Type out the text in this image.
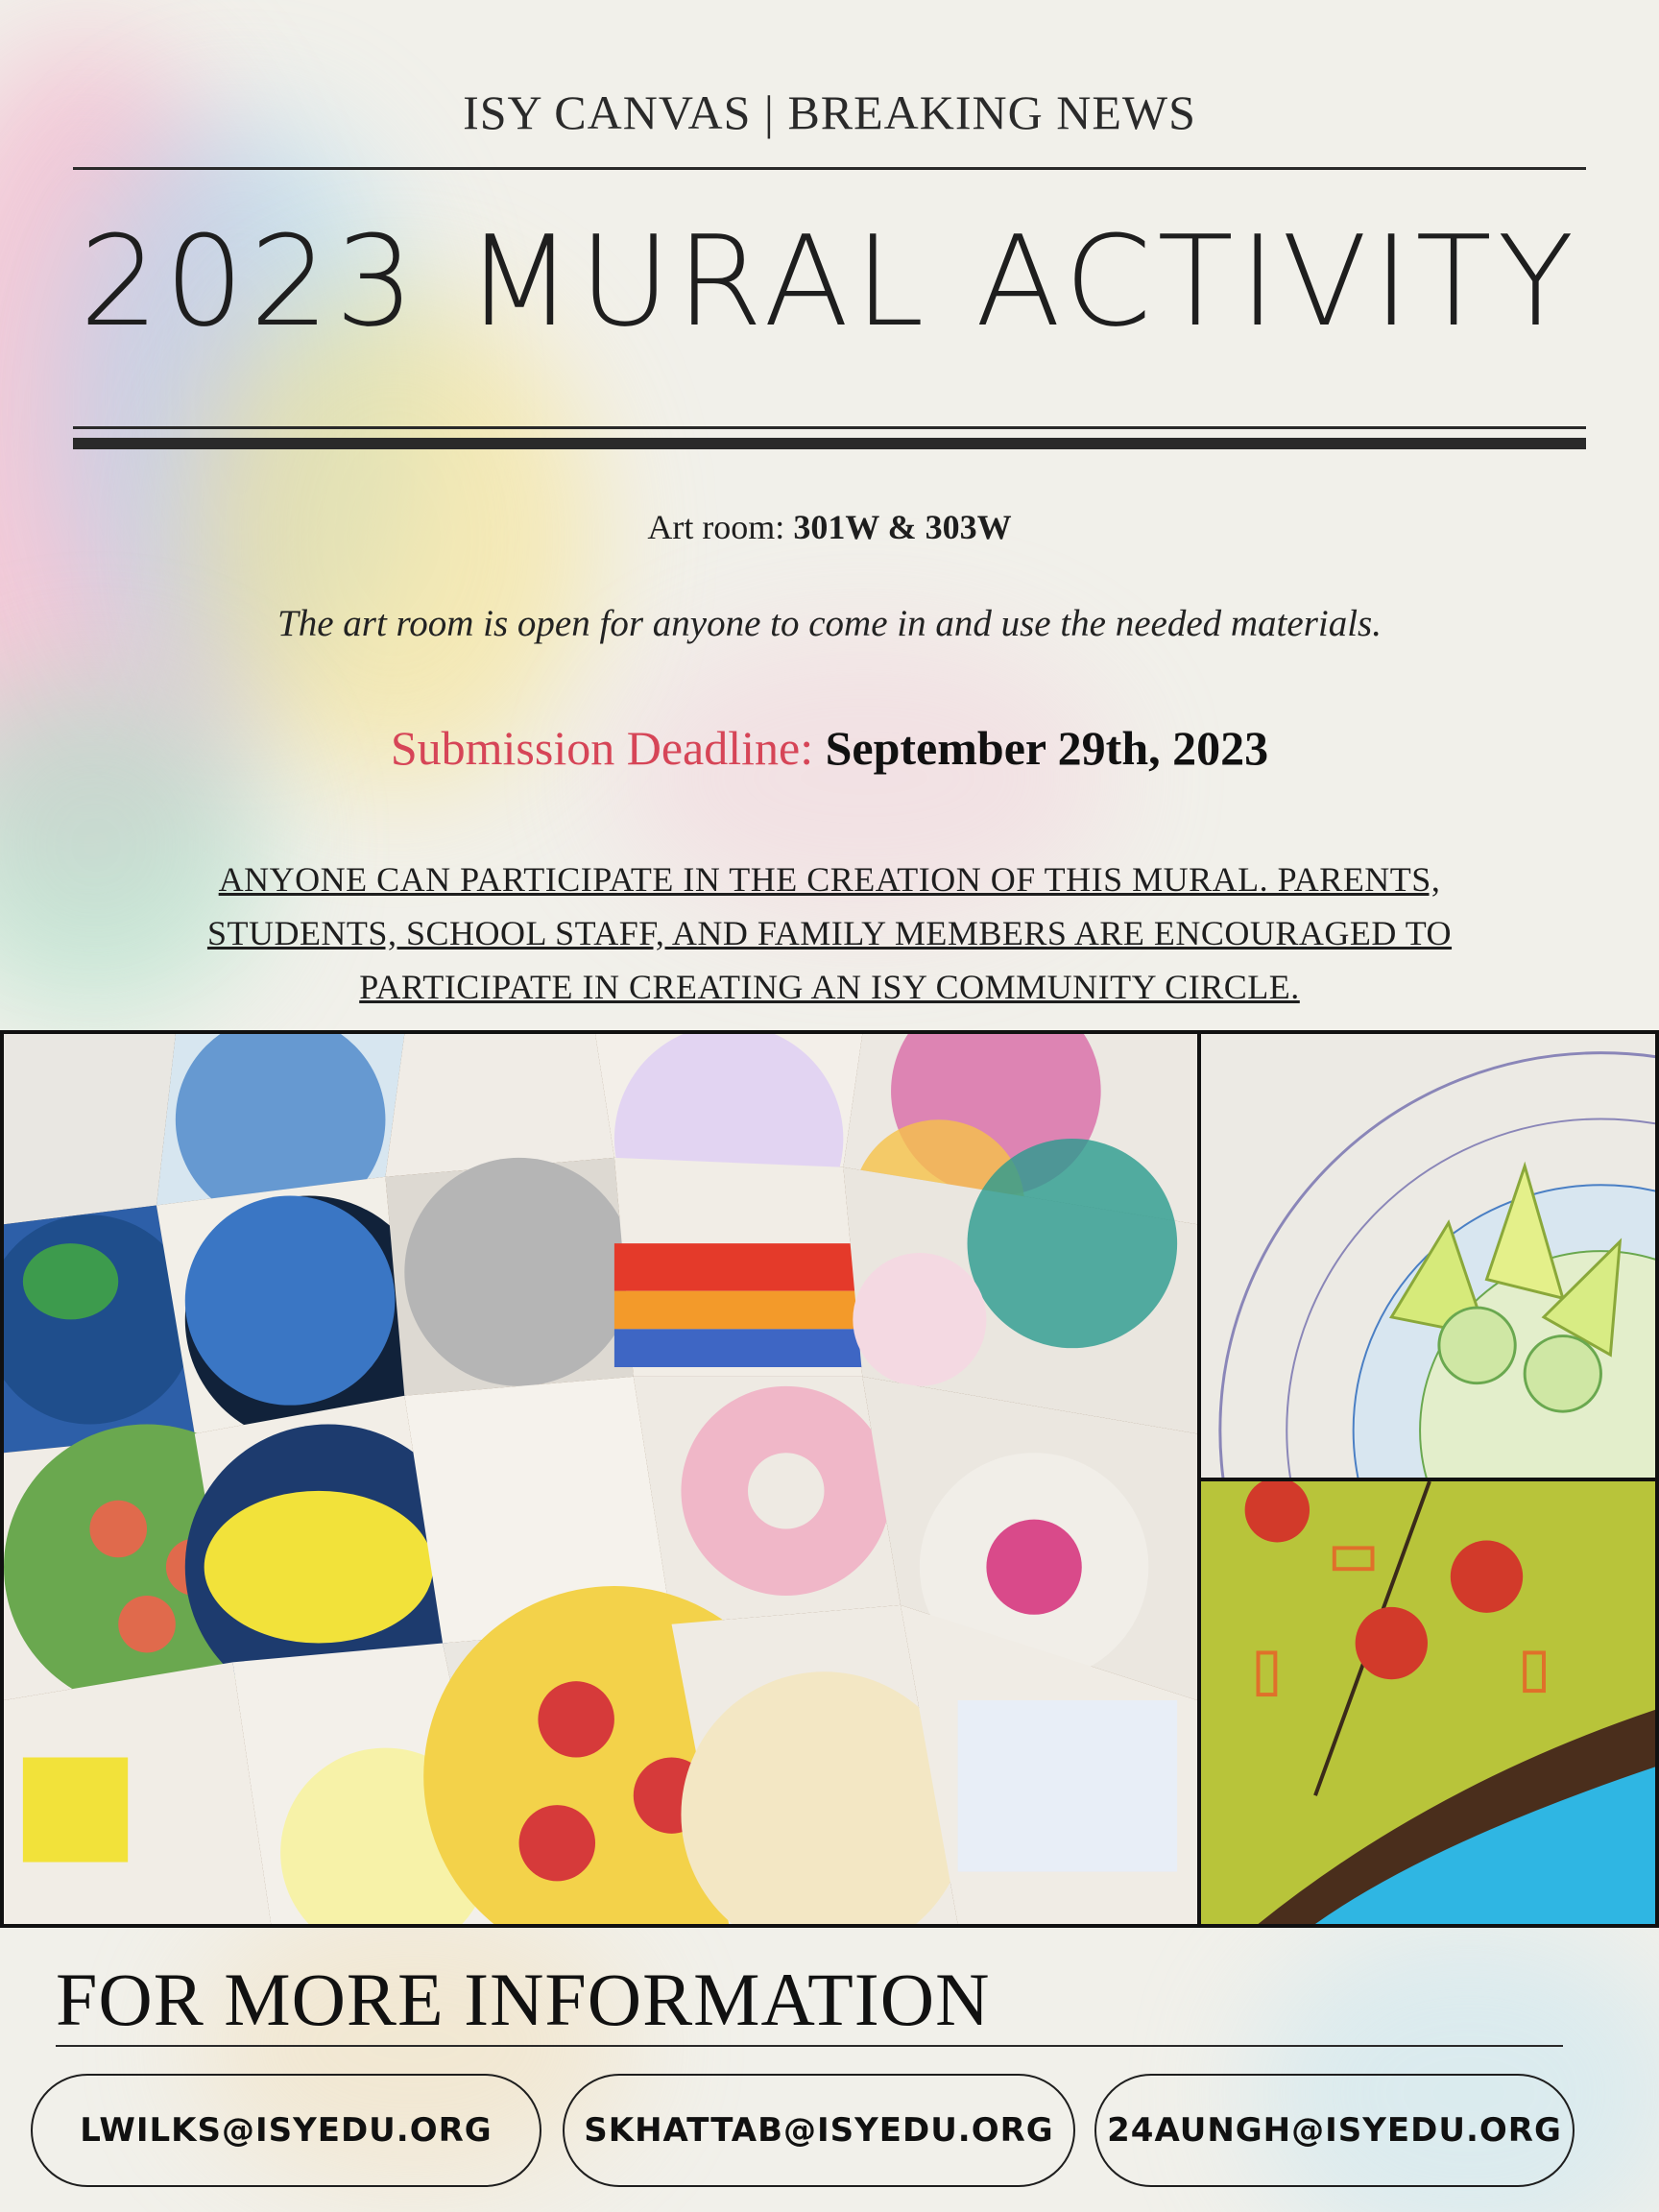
ISY CANVAS | BREAKING NEWS
2023 MURAL ACTIVITY
Art room: 301W & 303W
The art room is open for anyone to come in and use the needed materials.
Submission Deadline: September 29th, 2023
ANYONE CAN PARTICIPATE IN THE CREATION OF THIS MURAL. PARENTS,
STUDENTS, SCHOOL STAFF, AND FAMILY MEMBERS ARE ENCOURAGED TO
PARTICIPATE IN CREATING AN ISY COMMUNITY CIRCLE.
FOR MORE INFORMATION
LWILKS@ISYEDU.ORG	SKHATTAB@ISYEDU.ORG	24AUNGH@ISYEDU.ORG
